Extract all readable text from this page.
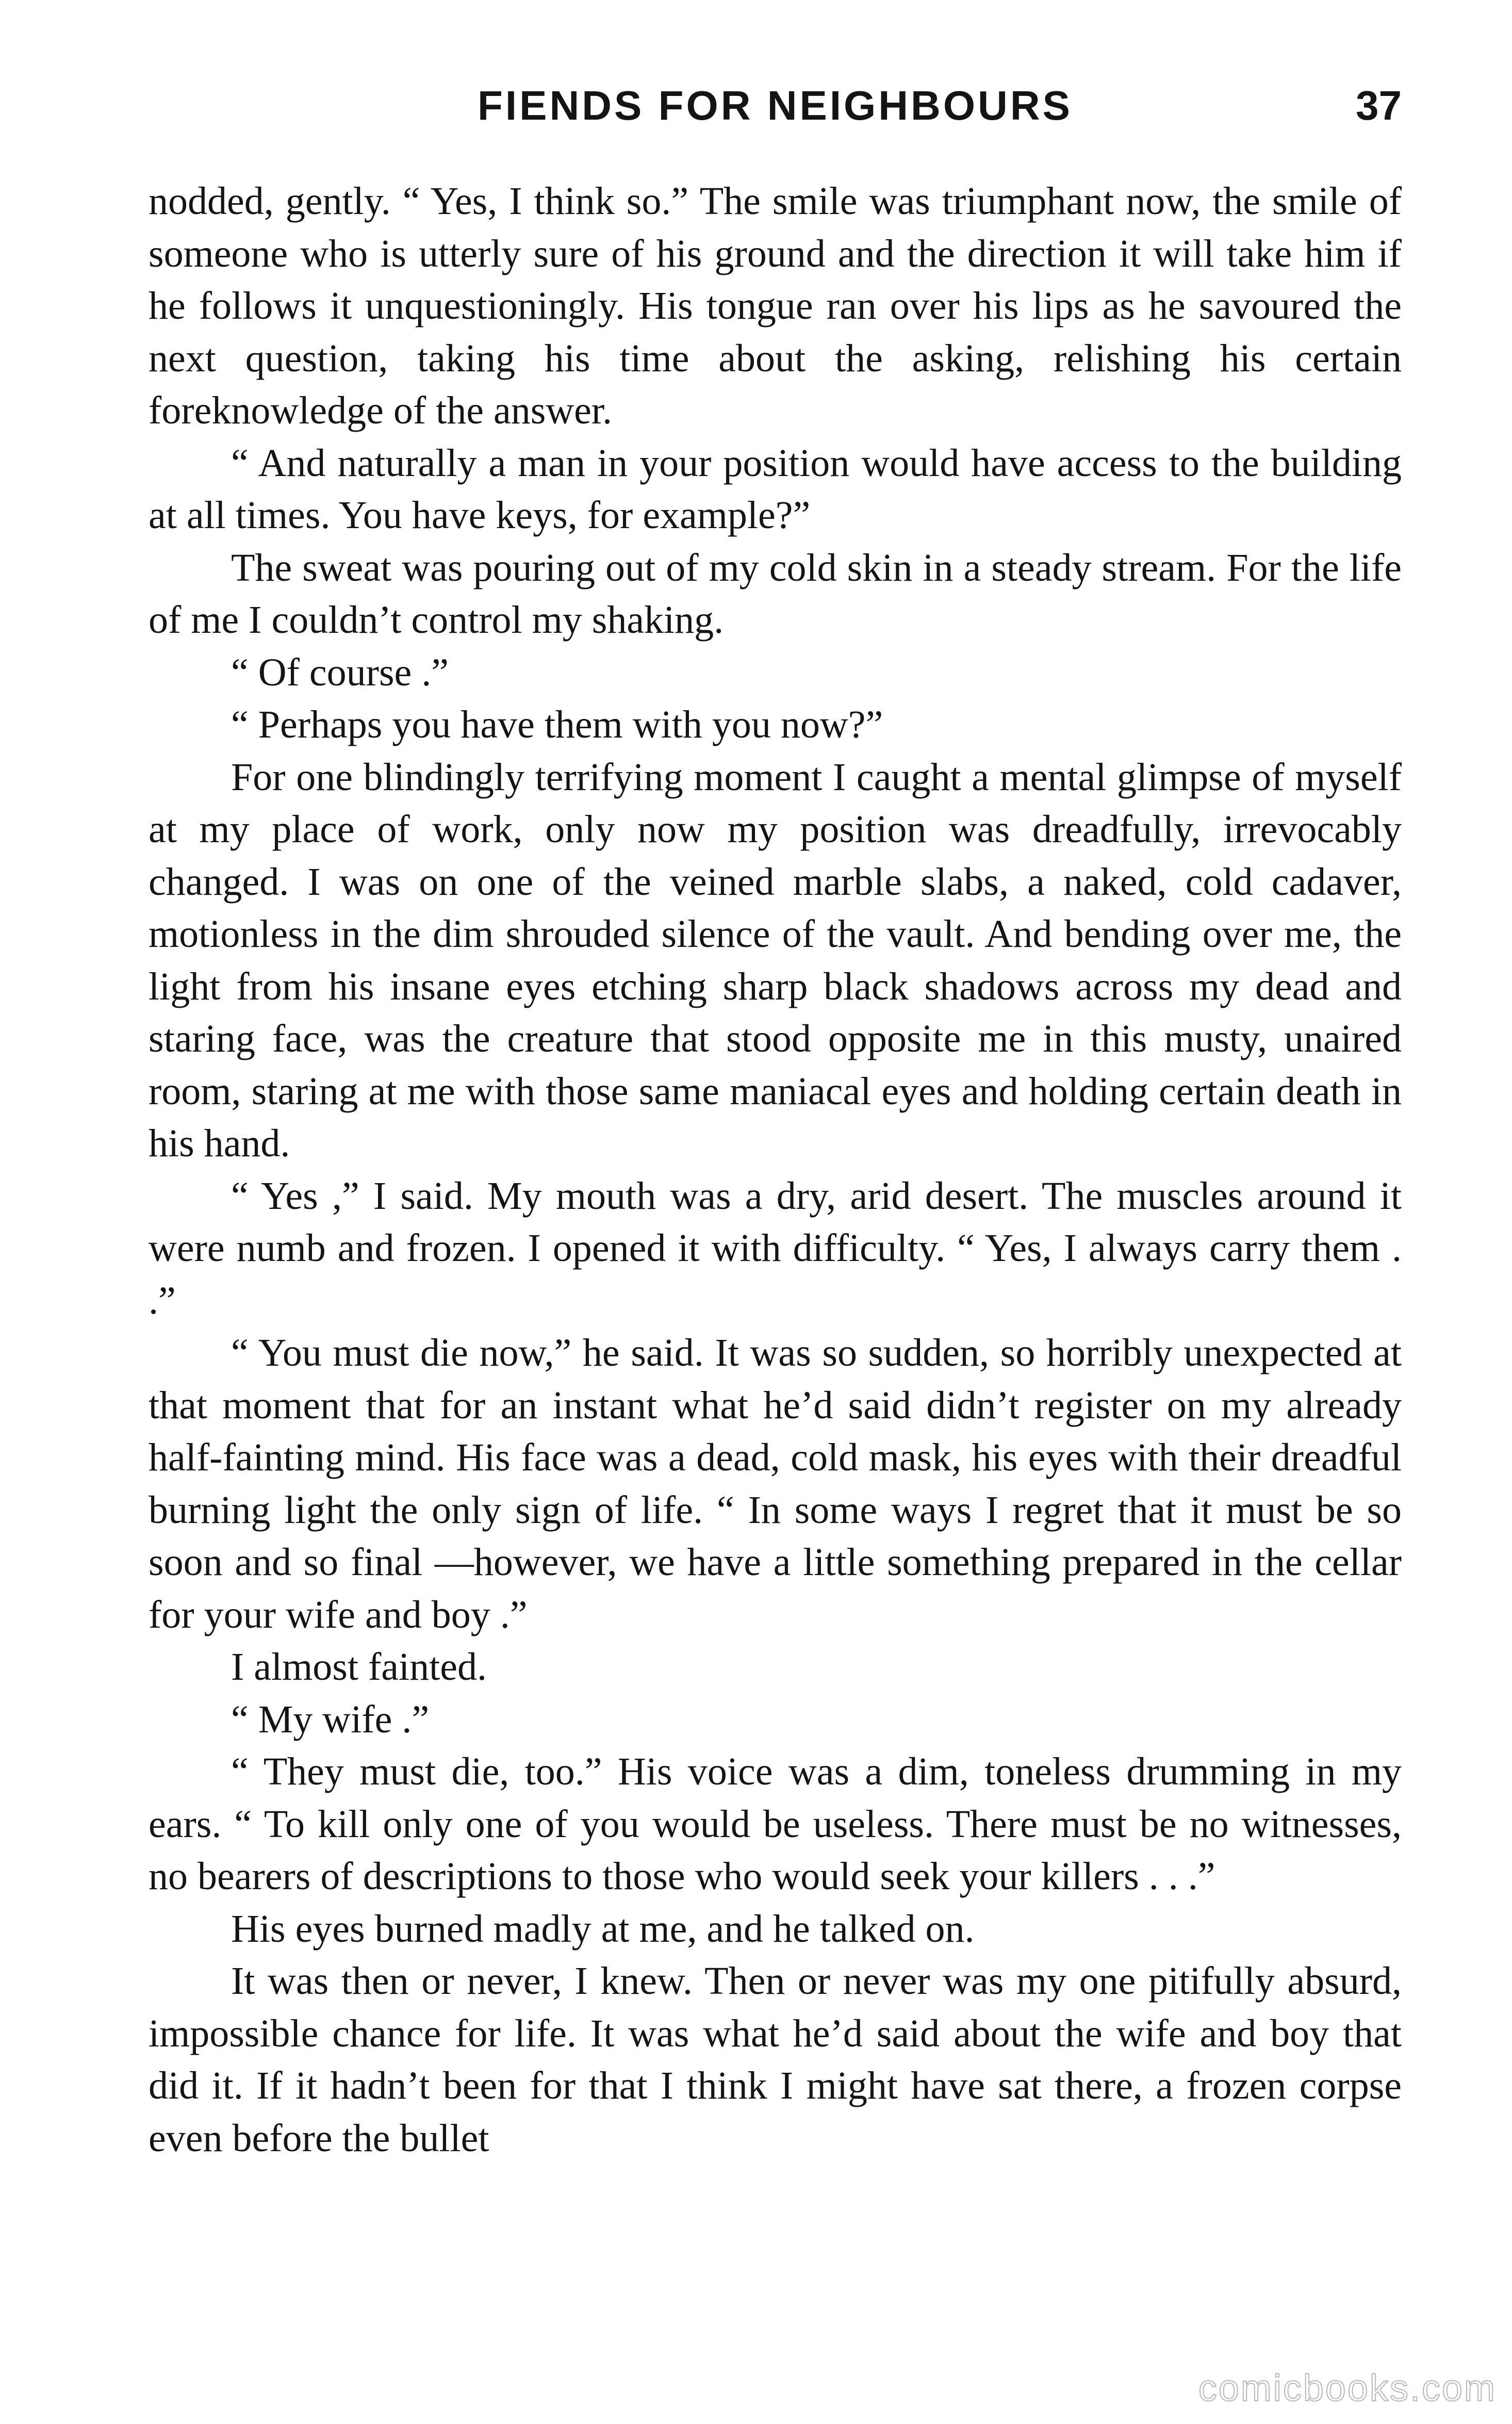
FIENDS FOR NEIGHBOURS	37

nodded, gently. “ Yes, I think so.” The smile was triumphant now, the smile of someone who is utterly sure of his ground and the direction it will take him if he follows it unquestioningly. His tongue ran over his lips as he savoured the next question, taking his time about the asking, relishing his certain foreknowledge of the answer.

“ And naturally a man in your position would have access to the building at all times. You have keys, for example?”

The sweat was pouring out of my cold skin in a steady stream. For the life of me I couldn’t control my shaking.

“ Of course .”

“ Perhaps you have them with you now?”

For one blindingly terrifying moment I caught a mental glimpse of myself at my place of work, only now my position was dreadfully, irrevocably changed. I was on one of the veined marble slabs, a naked, cold cadaver, motionless in the dim shrouded silence of the vault. And bending over me, the light from his insane eyes etching sharp black shadows across my dead and staring face, was the creature that stood opposite me in this musty, unaired room, staring at me with those same maniacal eyes and holding certain death in his hand.

“ Yes ,” I said. My mouth was a dry, arid desert. The muscles around it were numb and frozen. I opened it with difficulty. “ Yes, I always carry them . .”

“ You must die now,” he said. It was so sudden, so horribly unexpected at that moment that for an instant what he’d said didn’t register on my already half-fainting mind. His face was a dead, cold mask, his eyes with their dreadful burning light the only sign of life. “ In some ways I regret that it must be so soon and so final —however, we have a little something prepared in the cellar for your wife and boy .”

I almost fainted.

“ My wife .”

“ They must die, too.” His voice was a dim, toneless drumming in my ears. “ To kill only one of you would be useless. There must be no witnesses, no bearers of descriptions to those who would seek your killers . . .”

His eyes burned madly at me, and he talked on.

It was then or never, I knew. Then or never was my one pitifully absurd, impossible chance for life. It was what he’d said about the wife and boy that did it. If it hadn’t been for that I think I might have sat there, a frozen corpse even before the bullet

comicbooks.com
